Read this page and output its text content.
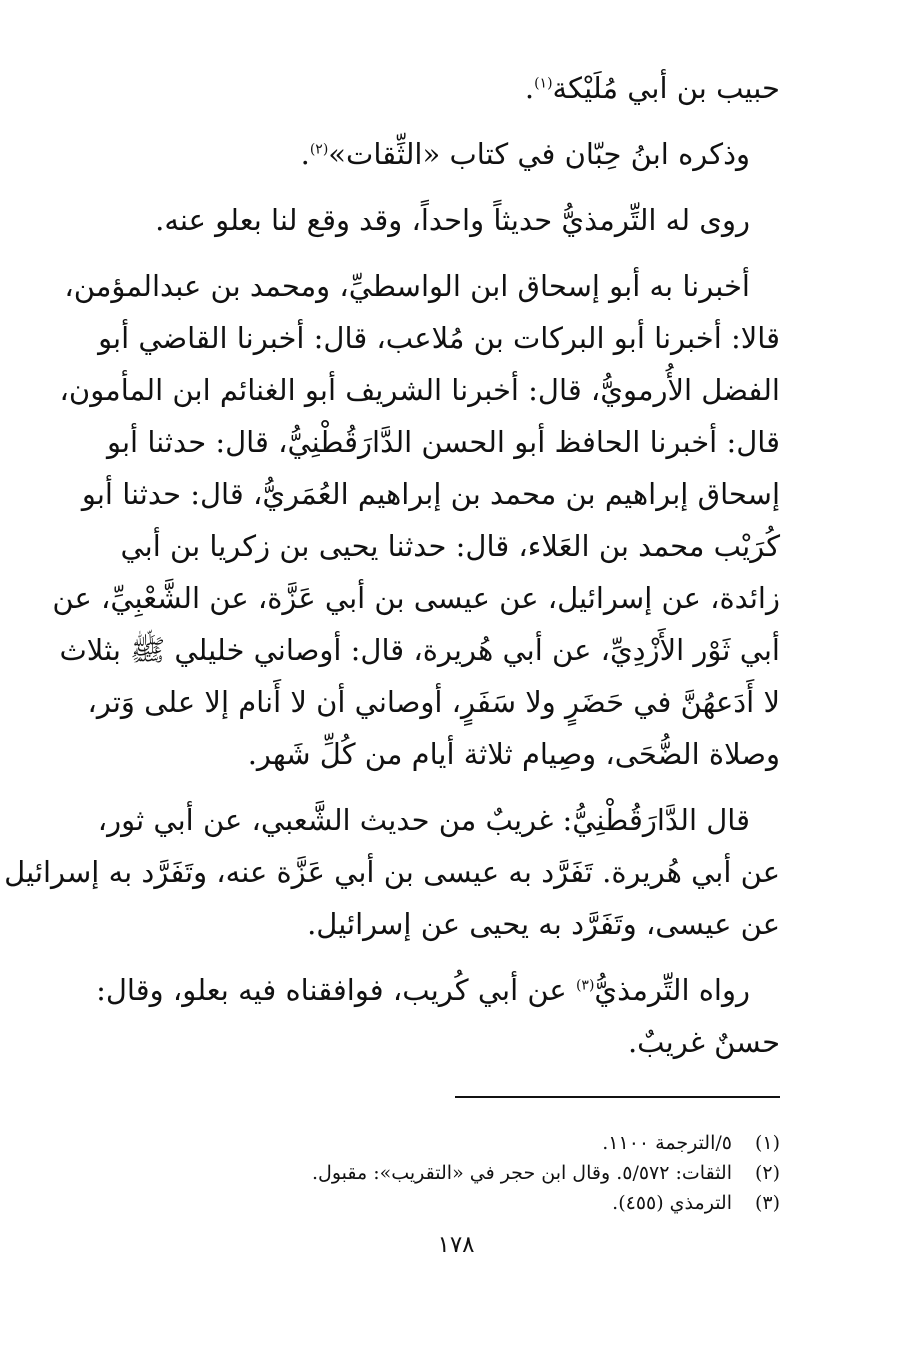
حبيب بن أبي مُلَيْكة$^{(١)}$.
وذكره ابنُ حِبّان في كتاب «الثِّقات»$^{(٢)}$.
روى له التِّرمذيُّ حديثاً واحداً، وقد وقع لنا بعلو عنه.
أخبرنا به أبو إسحاق ابن الواسطيِّ، ومحمد بن عبدالمؤمن،
قالا: أخبرنا أبو البركات بن مُلاعب، قال: أخبرنا القاضي أبو
الفضل الأُرمويُّ، قال: أخبرنا الشريف أبو الغنائم ابن المأمون،
قال: أخبرنا الحافظ أبو الحسن الدَّارَقُطْنِيُّ، قال: حدثنا أبو
إسحاق إبراهيم بن محمد بن إبراهيم العُمَريُّ، قال: حدثنا أبو
كُرَيْب محمد بن العَلاء، قال: حدثنا يحيى بن زكريا بن أبي
زائدة، عن إسرائيل، عن عيسى بن أبي عَزَّة، عن الشَّعْبِيِّ، عن
أبي ثَوْر الأَزْدِيِّ، عن أبي هُريرة، قال: أوصاني خليلي ﷺ بثلاث
لا أَدَعهُنَّ في حَضَرٍ ولا سَفَرٍ، أوصاني أن لا أَنام إلا على وَتر،
وصلاة الضُّحَى، وصِيام ثلاثة أيام من كُلِّ شَهر.
قال الدَّارَقُطْنِيُّ: غريبٌ من حديث الشَّعبي، عن أبي ثور،
عن أبي هُريرة. تَفَرَّد به عيسى بن أبي عَزَّة عنه، وتَفَرَّد به إسرائيل
عن عيسى، وتَفَرَّد به يحيى عن إسرائيل.
رواه التِّرمذيُّ$^{(٣)}$ عن أبي كُريب، فوافقناه فيه بعلو، وقال:
حسنٌ غريبٌ.
(١)٥/الترجمة ١١٠٠.
(٢)الثقات: ٥/٥٧٢. وقال ابن حجر في «التقريب»: مقبول.
(٣)الترمذي (٤٥٥).
١٧٨
